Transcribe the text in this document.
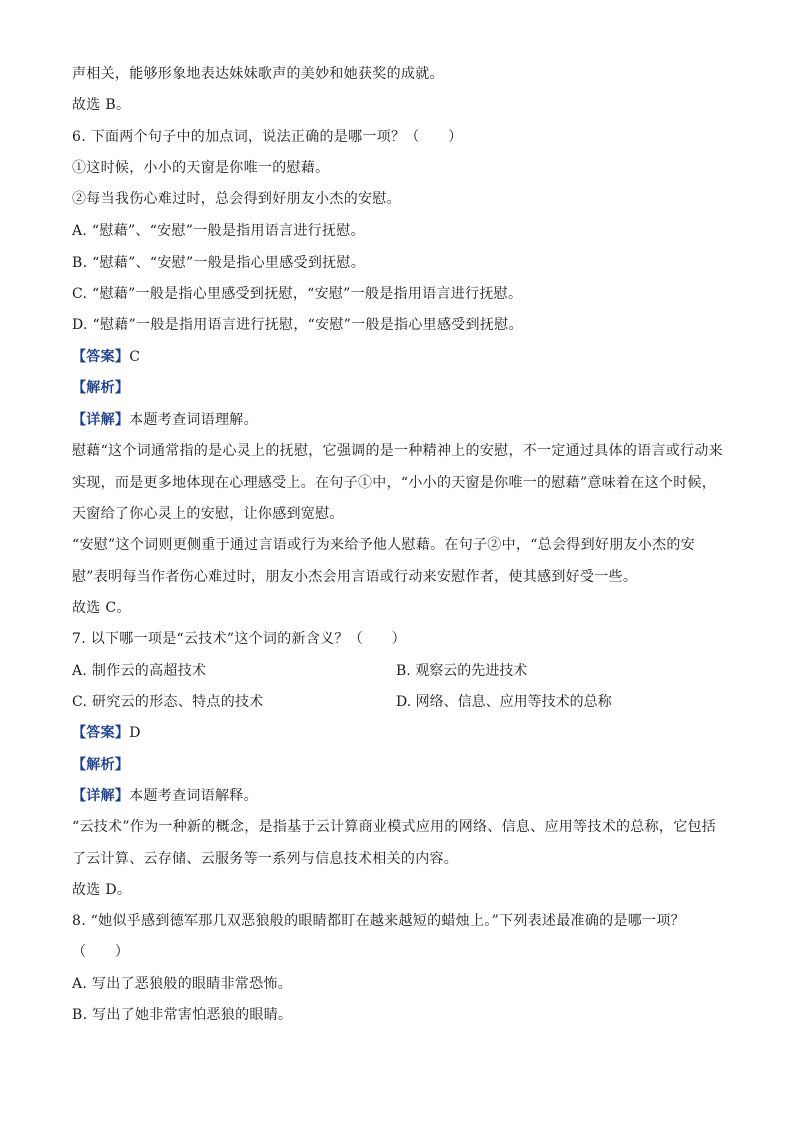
声相关，能够形象地表达妹妹歌声的美妙和她获奖的成就。
故选 B。
6. 下面两个句子中的加点词，说法正确的是哪一项？（　　）
①这时候，小小的天窗是你唯一的慰藉。
②每当我伤心难过时，总会得到好朋友小杰的安慰。
A. “慰藉”、“安慰”一般是指用语言进行抚慰。
B. “慰藉”、“安慰”一般是指心里感受到抚慰。
C. “慰藉”一般是指心里感受到抚慰，“安慰”一般是指用语言进行抚慰。
D. “慰藉”一般是指用语言进行抚慰，“安慰”一般是指心里感受到抚慰。
【答案】C
【解析】
【详解】本题考查词语理解。
慰藉“这个词通常指的是心灵上的抚慰，它强调的是一种精神上的安慰，不一定通过具体的语言或行动来
实现，而是更多地体现在心理感受上。在句子①中，“小小的天窗是你唯一的慰藉”意味着在这个时候，
天窗给了你心灵上的安慰，让你感到宽慰。
“安慰”这个词则更侧重于通过言语或行为来给予他人慰藉。在句子②中，“总会得到好朋友小杰的安
慰”表明每当作者伤心难过时，朋友小杰会用言语或行动来安慰作者，使其感到好受一些。
故选 C。
7. 以下哪一项是“云技术”这个词的新含义？（　　）
A. 制作云的高超技术	B. 观察云的先进技术
C. 研究云的形态、特点的技术	D. 网络、信息、应用等技术的总称
【答案】D
【解析】
【详解】本题考查词语解释。
“云技术”作为一种新的概念，是指基于云计算商业模式应用的网络、信息、应用等技术的总称，它包括
了云计算、云存储、云服务等一系列与信息技术相关的内容。
故选 D。
8. “她似乎感到德军那几双恶狼般的眼睛都盯在越来越短的蜡烛上。”下列表述最准确的是哪一项？
（　　）
A. 写出了恶狼般的眼睛非常恐怖。
B. 写出了她非常害怕恶狼的眼睛。
